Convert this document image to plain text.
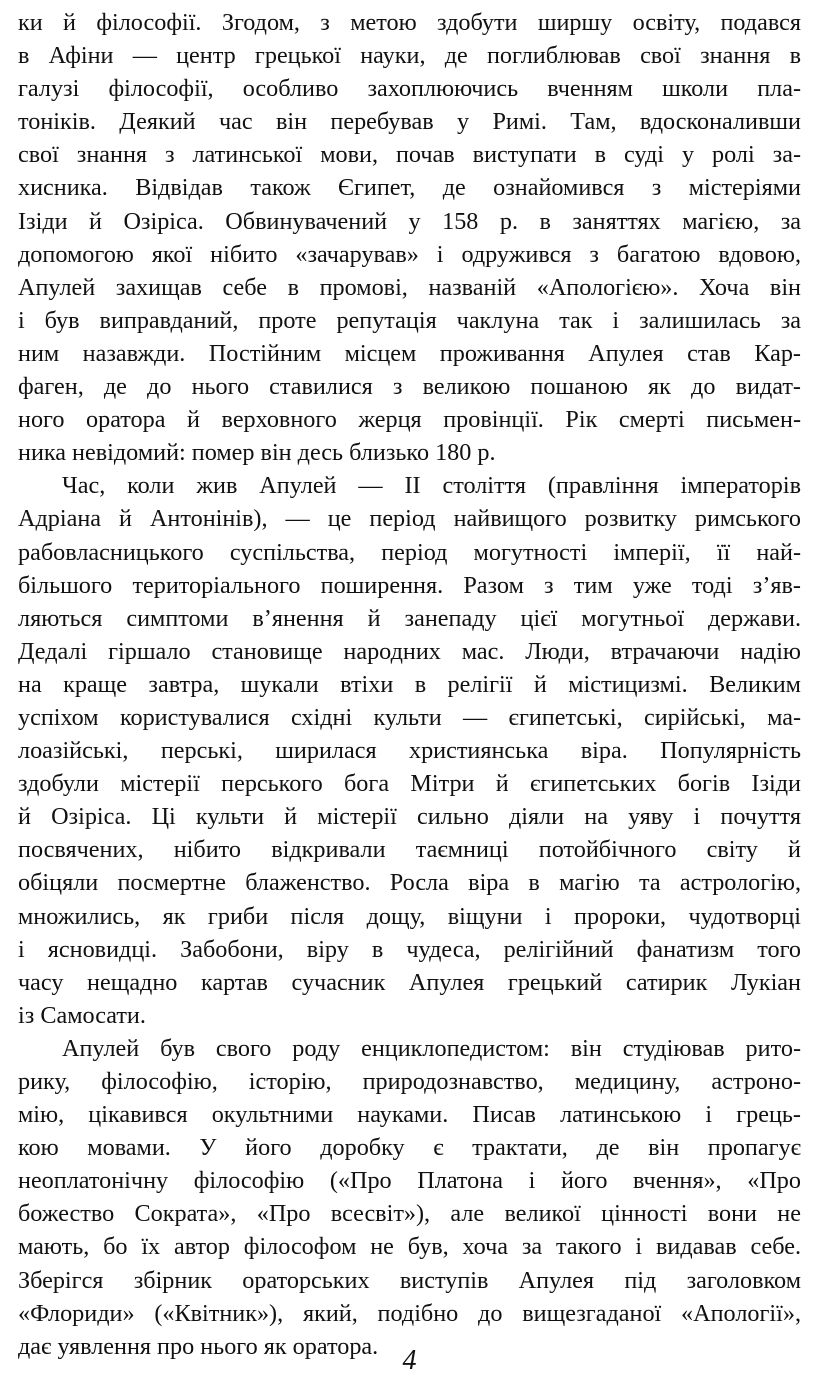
ки й філософії. Згодом, з метою здобути ширшу освіту, подався
в Афіни — центр грецької науки, де поглиблював свої знання в
галузі філософії, особливо захоплюючись вченням школи пла-
тоніків. Деякий час він перебував у Римі. Там, вдосконаливши
свої знання з латинської мови, почав виступати в суді у ролі за-
хисника. Відвідав також Єгипет, де ознайомився з містеріями
Ізіди й Озіріса. Обвинувачений у 158 р. в заняттях магією, за
допомогою якої нібито «зачарував» і одружився з багатою вдовою,
Апулей захищав себе в промові, названій «Апологією». Хоча він
і був виправданий, проте репутація чаклуна так і залишилась за
ним назавжди. Постійним місцем проживання Апулея став Кар-
фаген, де до нього ставилися з великою пошаною як до видат-
ного оратора й верховного жерця провінції. Рік смерті письмен-
ника невідомий: помер він десь близько 180 р.
Час, коли жив Апулей — ІІ століття (правління імператорів
Адріана й Антонінів), — це період найвищого розвитку римського
рабовласницького суспільства, період могутності імперії, її най-
більшого територіального поширення. Разом з тим уже тоді з’яв-
ляються симптоми в’янення й занепаду цієї могутньої держави.
Дедалі гіршало становище народних мас. Люди, втрачаючи надію
на краще завтра, шукали втіхи в релігії й містицизмі. Великим
успіхом користувалися східні культи — єгипетські, сирійські, ма-
лоазійські, перські, ширилася християнська віра. Популярність
здобули містерії перського бога Мітри й єгипетських богів Ізіди
й Озіріса. Ці культи й містерії сильно діяли на уяву і почуття
посвячених, нібито відкривали таємниці потойбічного світу й
обіцяли посмертне блаженство. Росла віра в магію та астрологію,
множились, як гриби після дощу, віщуни і пророки, чудотворці
і ясновидці. Забобони, віру в чудеса, релігійний фанатизм того
часу нещадно картав сучасник Апулея грецький сатирик Лукіан
із Самосати.
Апулей був свого роду енциклопедистом: він студіював рито-
рику, філософію, історію, природознавство, медицину, астроно-
мію, цікавився окультними науками. Писав латинською і грець-
кою мовами. У його доробку є трактати, де він пропагує
неоплатонічну філософію («Про Платона і його вчення», «Про
божество Сократа», «Про всесвіт»), але великої цінності вони не
мають, бо їх автор філософом не був, хоча за такого і видавав себе.
Зберігся збірник ораторських виступів Апулея під заголовком
«Флориди» («Квітник»), який, подібно до вищезгаданої «Апології»,
дає уявлення про нього як оратора. 4
